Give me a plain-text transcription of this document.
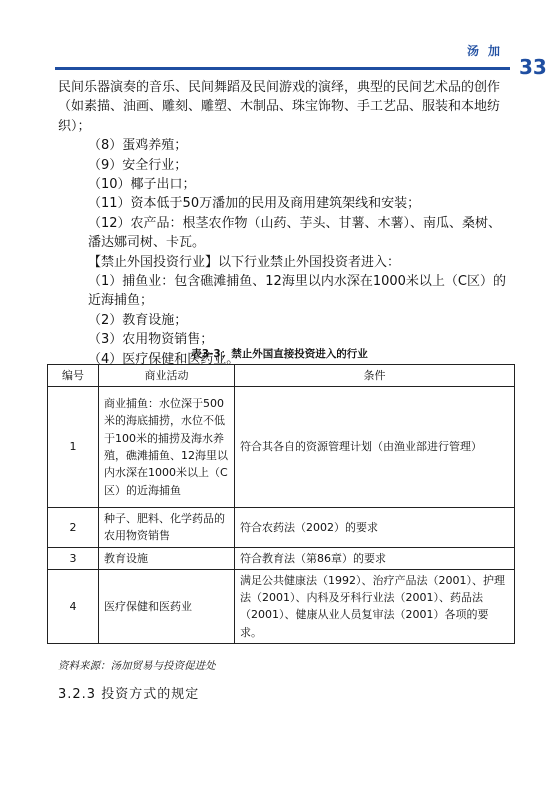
汤加
33

民间乐器演奏的音乐、民间舞蹈及民间游戏的演绎，典型的民间艺术品的创作（如素描、油画、雕刻、雕塑、木制品、珠宝饰物、手工艺品、服装和本地纺织）；

（8）蛋鸡养殖；

（9）安全行业；

（10）椰子出口；

（11）资本低于50万潘加的民用及商用建筑架线和安装；

（12）农产品：根茎农作物（山药、芋头、甘薯、木薯）、南瓜、桑树、潘达娜司树、卡瓦。

【禁止外国投资行业】以下行业禁止外国投资者进入：

（1）捕鱼业：包含礁滩捕鱼、12海里以内水深在1000米以上（C区）的近海捕鱼；

（2）教育设施；

（3）农用物资销售；

（4）医疗保健和医药业。

表3-3：禁止外国直接投资进入的行业
编号	商业活动	条件
1	商业捕鱼：水位深于500米的海底捕捞，水位不低于100米的捕捞及海水养殖，礁滩捕鱼、12海里以内水深在1000米以上（C区）的近海捕鱼	符合其各自的资源管理计划（由渔业部进行管理）
2	种子、肥料、化学药品的农用物资销售	符合农药法（2002）的要求
3	教育设施	符合教育法（第86章）的要求
4	医疗保健和医药业	满足公共健康法（1992）、治疗产品法（2001）、护理法（2001）、内科及牙科行业法（2001）、药品法（2001）、健康从业人员复审法（2001）各项的要求。
资料来源：汤加贸易与投资促进处
3.2.3 投资方式的规定
